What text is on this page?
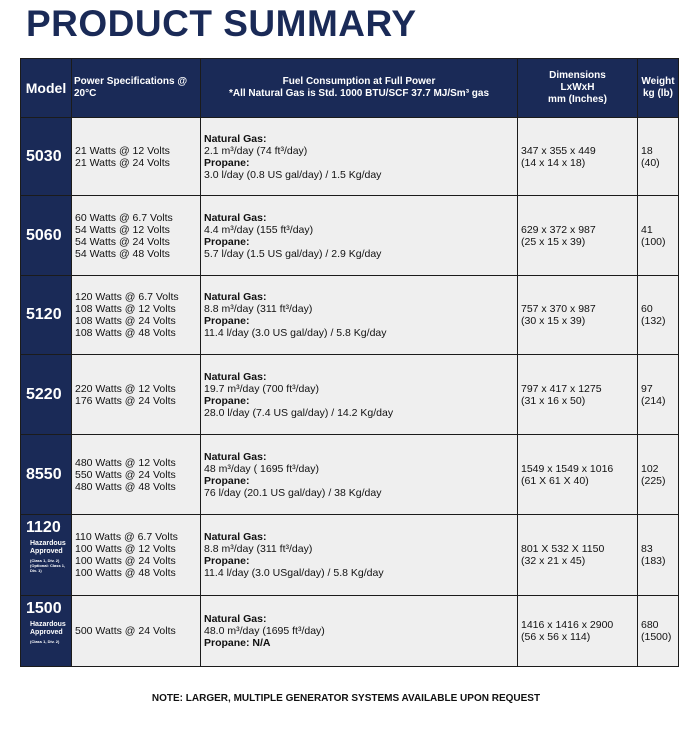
PRODUCT SUMMARY
Model	Power Specifications @ 20°C	Fuel Consumption at Full Power
*All Natural Gas is Std. 1000 BTU/SCF 37.7 MJ/Sm³ gas	Dimensions
LxWxH
mm (Inches)	Weight kg (lb)

5030	21 Watts @ 12 Volts
21 Watts @ 24 Volts	Natural Gas:
2.1 m³/day (74 ft³/day)
Propane:
3.0 l/day (0.8 US gal/day) / 1.5 Kg/day	347 x 355 x 449
(14 x 14 x 18)	18
(40)

5060	60 Watts @ 6.7 Volts
54 Watts @ 12 Volts
54 Watts @ 24 Volts
54 Watts @ 48 Volts	Natural Gas:
4.4 m³/day (155 ft³/day)
Propane:
5.7 l/day (1.5 US gal/day) / 2.9 Kg/day	629 x 372 x 987
(25 x 15 x 39)	41
(100)

5120	120 Watts @ 6.7 Volts
108 Watts @ 12 Volts
108 Watts @ 24 Volts
108 Watts @ 48 Volts	Natural Gas:
8.8 m³/day (311 ft³/day)
Propane:
11.4 l/day (3.0 US gal/day) / 5.8 Kg/day	757 x 370 x 987
(30 x 15 x 39)	60
(132)

5220	220 Watts @ 12 Volts
176 Watts @ 24 Volts	Natural Gas:
19.7 m³/day (700 ft³/day)
Propane:
28.0 l/day (7.4 US gal/day) / 14.2 Kg/day	797 x 417 x 1275
(31 x 16 x 50)	97
(214)

8550	480 Watts @ 12 Volts
550 Watts @ 24 Volts
480 Watts @ 48 Volts	Natural Gas:
48 m³/day ( 1695 ft³/day)
Propane:
76 l/day (20.1 US gal/day) / 38 Kg/day	1549 x 1549 x 1016
(61 X 61 X 40)	102
(225)

1120
Hazardous Approved
(Class 1, Div. 2) (Optional: Class 1, Div. 1)	110 Watts @ 6.7 Volts
100 Watts @ 12 Volts
100 Watts @ 24 Volts
100 Watts @ 48 Volts	Natural Gas:
8.8 m³/day (311 ft³/day)
Propane:
11.4 l/day (3.0 USgal/day) / 5.8 Kg/day	801 X 532 X 1150
(32 x 21 x 45)	83
(183)

1500
Hazardous Approved
(Class 1, Div. 2)	500 Watts @ 24 Volts	Natural Gas:
48.0 m³/day (1695 ft³/day)
Propane: N/A	1416 x 1416 x 2900
(56 x 56 x 114)	680
(1500)
NOTE: LARGER, MULTIPLE GENERATOR SYSTEMS AVAILABLE UPON REQUEST
